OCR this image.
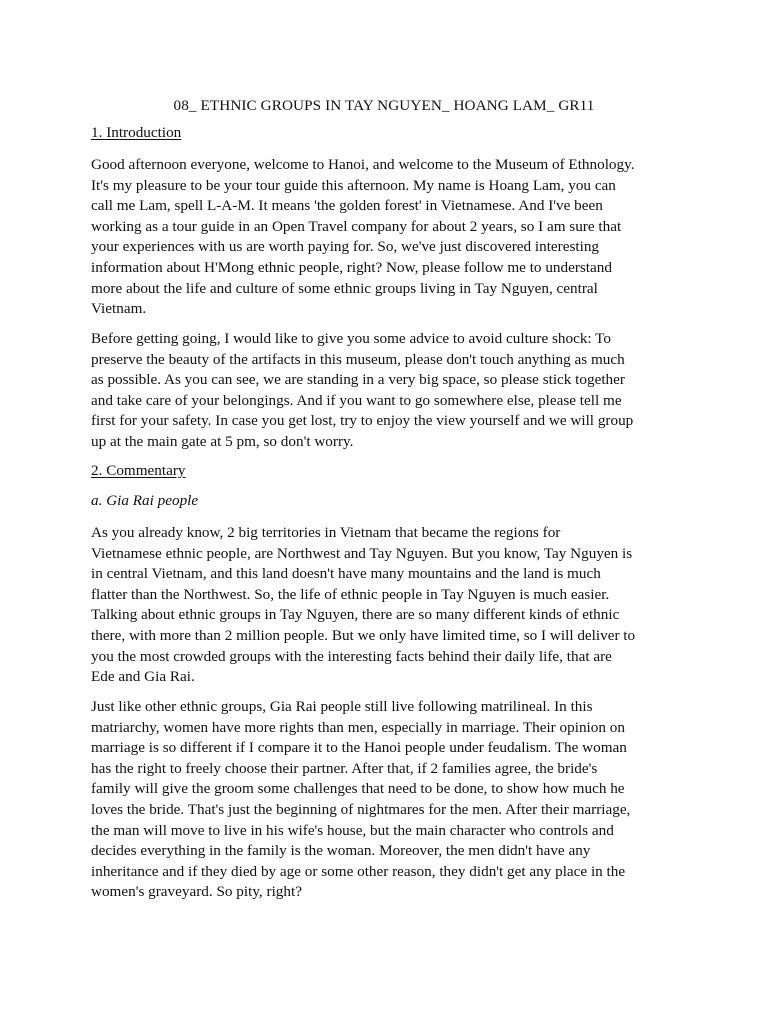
08_ ETHNIC GROUPS IN TAY NGUYEN_ HOANG LAM_ GR11
1. Introduction
Good afternoon everyone, welcome to Hanoi, and welcome to the Museum of Ethnology.
It's my pleasure to be your tour guide this afternoon. My name is Hoang Lam, you can
call me Lam, spell L-A-M. It means 'the golden forest' in Vietnamese. And I've been
working as a tour guide in an Open Travel company for about 2 years, so I am sure that
your experiences with us are worth paying for. So, we've just discovered interesting
information about H'Mong ethnic people, right? Now, please follow me to understand
more about the life and culture of some ethnic groups living in Tay Nguyen, central
Vietnam.
Before getting going, I would like to give you some advice to avoid culture shock: To
preserve the beauty of the artifacts in this museum, please don't touch anything as much
as possible. As you can see, we are standing in a very big space, so please stick together
and take care of your belongings. And if you want to go somewhere else, please tell me
first for your safety. In case you get lost, try to enjoy the view yourself and we will group
up at the main gate at 5 pm, so don't worry.
2. Commentary
a. Gia Rai people
As you already know, 2 big territories in Vietnam that became the regions for
Vietnamese ethnic people, are Northwest and Tay Nguyen. But you know, Tay Nguyen is
in central Vietnam, and this land doesn't have many mountains and the land is much
flatter than the Northwest. So, the life of ethnic people in Tay Nguyen is much easier.
Talking about ethnic groups in Tay Nguyen, there are so many different kinds of ethnic
there, with more than 2 million people. But we only have limited time, so I will deliver to
you the most crowded groups with the interesting facts behind their daily life, that are
Ede and Gia Rai.
Just like other ethnic groups, Gia Rai people still live following matrilineal. In this
matriarchy, women have more rights than men, especially in marriage. Their opinion on
marriage is so different if I compare it to the Hanoi people under feudalism. The woman
has the right to freely choose their partner. After that, if 2 families agree, the bride's
family will give the groom some challenges that need to be done, to show how much he
loves the bride. That's just the beginning of nightmares for the men. After their marriage,
the man will move to live in his wife's house, but the main character who controls and
decides everything in the family is the woman. Moreover, the men didn't have any
inheritance and if they died by age or some other reason, they didn't get any place in the
women's graveyard. So pity, right?
